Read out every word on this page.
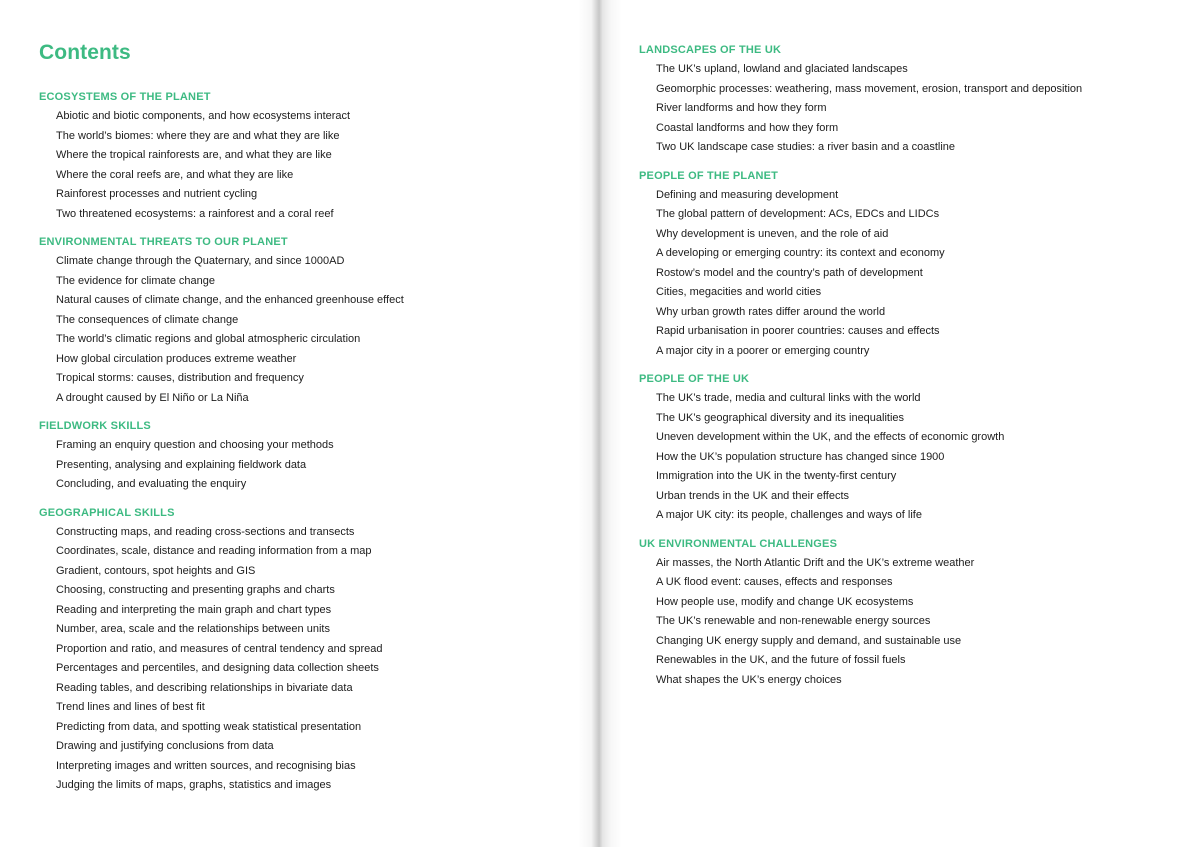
Contents
ECOSYSTEMS OF THE PLANET
Abiotic and biotic components, and how ecosystems interact
The world’s biomes: where they are and what they are like
Where the tropical rainforests are, and what they are like
Where the coral reefs are, and what they are like
Rainforest processes and nutrient cycling
Two threatened ecosystems: a rainforest and a coral reef
ENVIRONMENTAL THREATS TO OUR PLANET
Climate change through the Quaternary, and since 1000AD
The evidence for climate change
Natural causes of climate change, and the enhanced greenhouse effect
The consequences of climate change
The world’s climatic regions and global atmospheric circulation
How global circulation produces extreme weather
Tropical storms: causes, distribution and frequency
A drought caused by El Niño or La Niña
FIELDWORK SKILLS
Framing an enquiry question and choosing your methods
Presenting, analysing and explaining fieldwork data
Concluding, and evaluating the enquiry
GEOGRAPHICAL SKILLS
Constructing maps, and reading cross-sections and transects
Coordinates, scale, distance and reading information from a map
Gradient, contours, spot heights and GIS
Choosing, constructing and presenting graphs and charts
Reading and interpreting the main graph and chart types
Number, area, scale and the relationships between units
Proportion and ratio, and measures of central tendency and spread
Percentages and percentiles, and designing data collection sheets
Reading tables, and describing relationships in bivariate data
Trend lines and lines of best fit
Predicting from data, and spotting weak statistical presentation
Drawing and justifying conclusions from data
Interpreting images and written sources, and recognising bias
Judging the limits of maps, graphs, statistics and images
LANDSCAPES OF THE UK
The UK’s upland, lowland and glaciated landscapes
Geomorphic processes: weathering, mass movement, erosion, transport and deposition
River landforms and how they form
Coastal landforms and how they form
Two UK landscape case studies: a river basin and a coastline
PEOPLE OF THE PLANET
Defining and measuring development
The global pattern of development: ACs, EDCs and LIDCs
Why development is uneven, and the role of aid
A developing or emerging country: its context and economy
Rostow’s model and the country’s path of development
Cities, megacities and world cities
Why urban growth rates differ around the world
Rapid urbanisation in poorer countries: causes and effects
A major city in a poorer or emerging country
PEOPLE OF THE UK
The UK’s trade, media and cultural links with the world
The UK’s geographical diversity and its inequalities
Uneven development within the UK, and the effects of economic growth
How the UK’s population structure has changed since 1900
Immigration into the UK in the twenty-first century
Urban trends in the UK and their effects
A major UK city: its people, challenges and ways of life
UK ENVIRONMENTAL CHALLENGES
Air masses, the North Atlantic Drift and the UK’s extreme weather
A UK flood event: causes, effects and responses
How people use, modify and change UK ecosystems
The UK’s renewable and non-renewable energy sources
Changing UK energy supply and demand, and sustainable use
Renewables in the UK, and the future of fossil fuels
What shapes the UK’s energy choices
